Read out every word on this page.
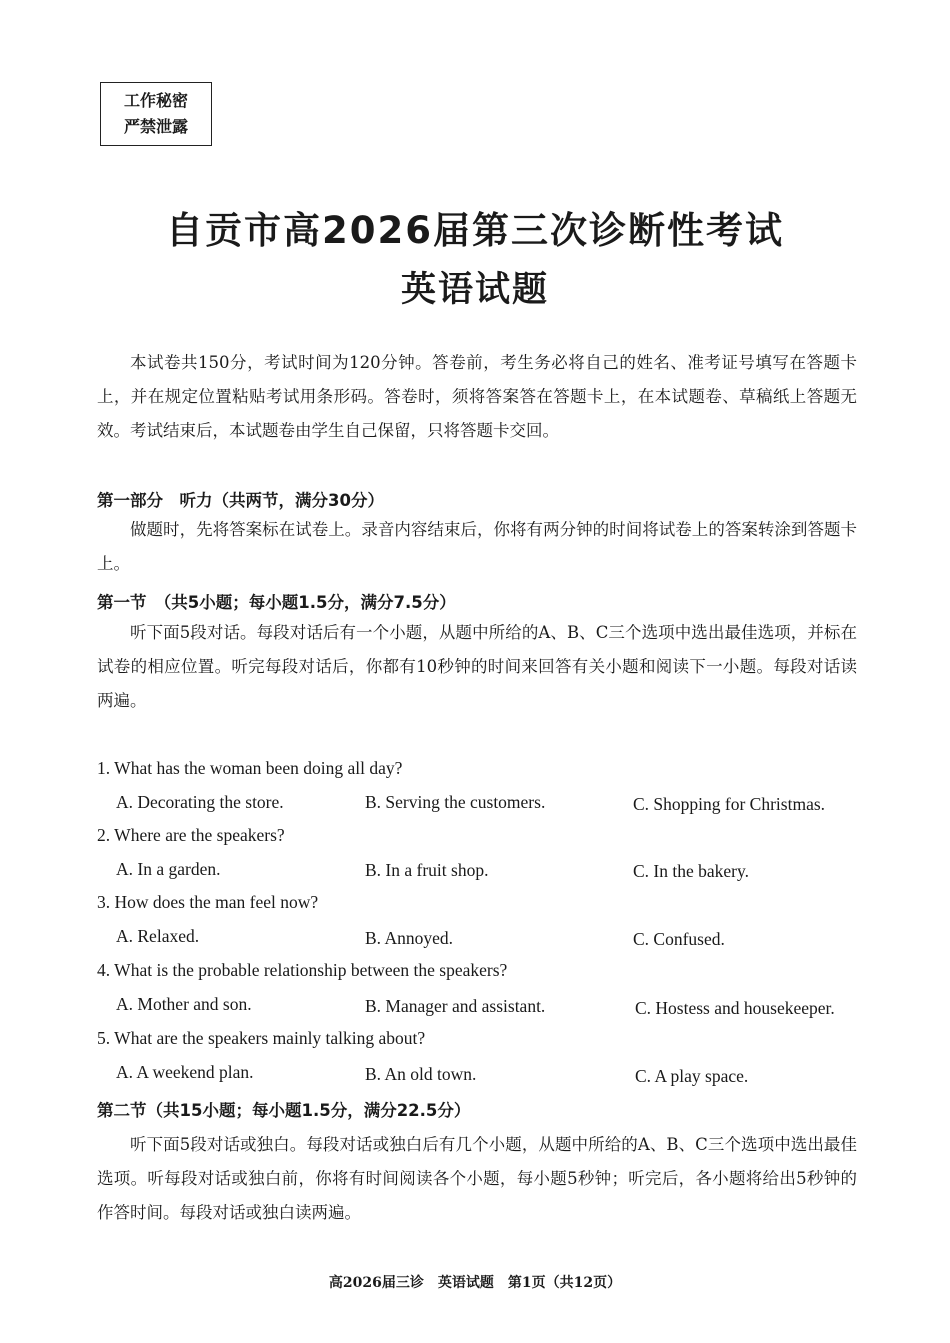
工作秘密
严禁泄露
自贡市高2026届第三次诊断性考试
英语试题

本试卷共150分，考试时间为120分钟。答卷前，考生务必将自己的姓名、准考证号填写在答题卡上，并在规定位置粘贴考试用条形码。答卷时，须将答案答在答题卡上，在本试题卷、草稿纸上答题无效。考试结束后，本试题卷由学生自己保留，只将答题卡交回。

第一部分　听力（共两节，满分30分）

做题时，先将答案标在试卷上。录音内容结束后，你将有两分钟的时间将试卷上的答案转涂到答题卡上。

第一节　（共5小题；每小题1.5分，满分7.5分）

听下面5段对话。每段对话后有一个小题，从题中所给的A、B、C三个选项中选出最佳选项，并标在试卷的相应位置。听完每段对话后，你都有10秒钟的时间来回答有关小题和阅读下一小题。每段对话读两遍。

1. What has the woman been doing all day?
A. Decorating the store.	B. Serving the customers.	C. Shopping for Christmas.
2. Where are the speakers?
A. In a garden.	B. In a fruit shop.	C. In the bakery.
3. How does the man feel now?
A. Relaxed.	B. Annoyed.	C. Confused.
4. What is the probable relationship between the speakers?
A. Mother and son.	B. Manager and assistant.	C. Hostess and housekeeper.
5. What are the speakers mainly talking about?
A. A weekend plan.	B. An old town.	C. A play space.
第二节（共15小题；每小题1.5分，满分22.5分）

听下面5段对话或独白。每段对话或独白后有几个小题，从题中所给的A、B、C三个选项中选出最佳选项。听每段对话或独白前，你将有时间阅读各个小题，每小题5秒钟；听完后，各小题将给出5秒钟的作答时间。每段对话或独白读两遍。

高2026届三诊　英语试题　第1页（共12页）
